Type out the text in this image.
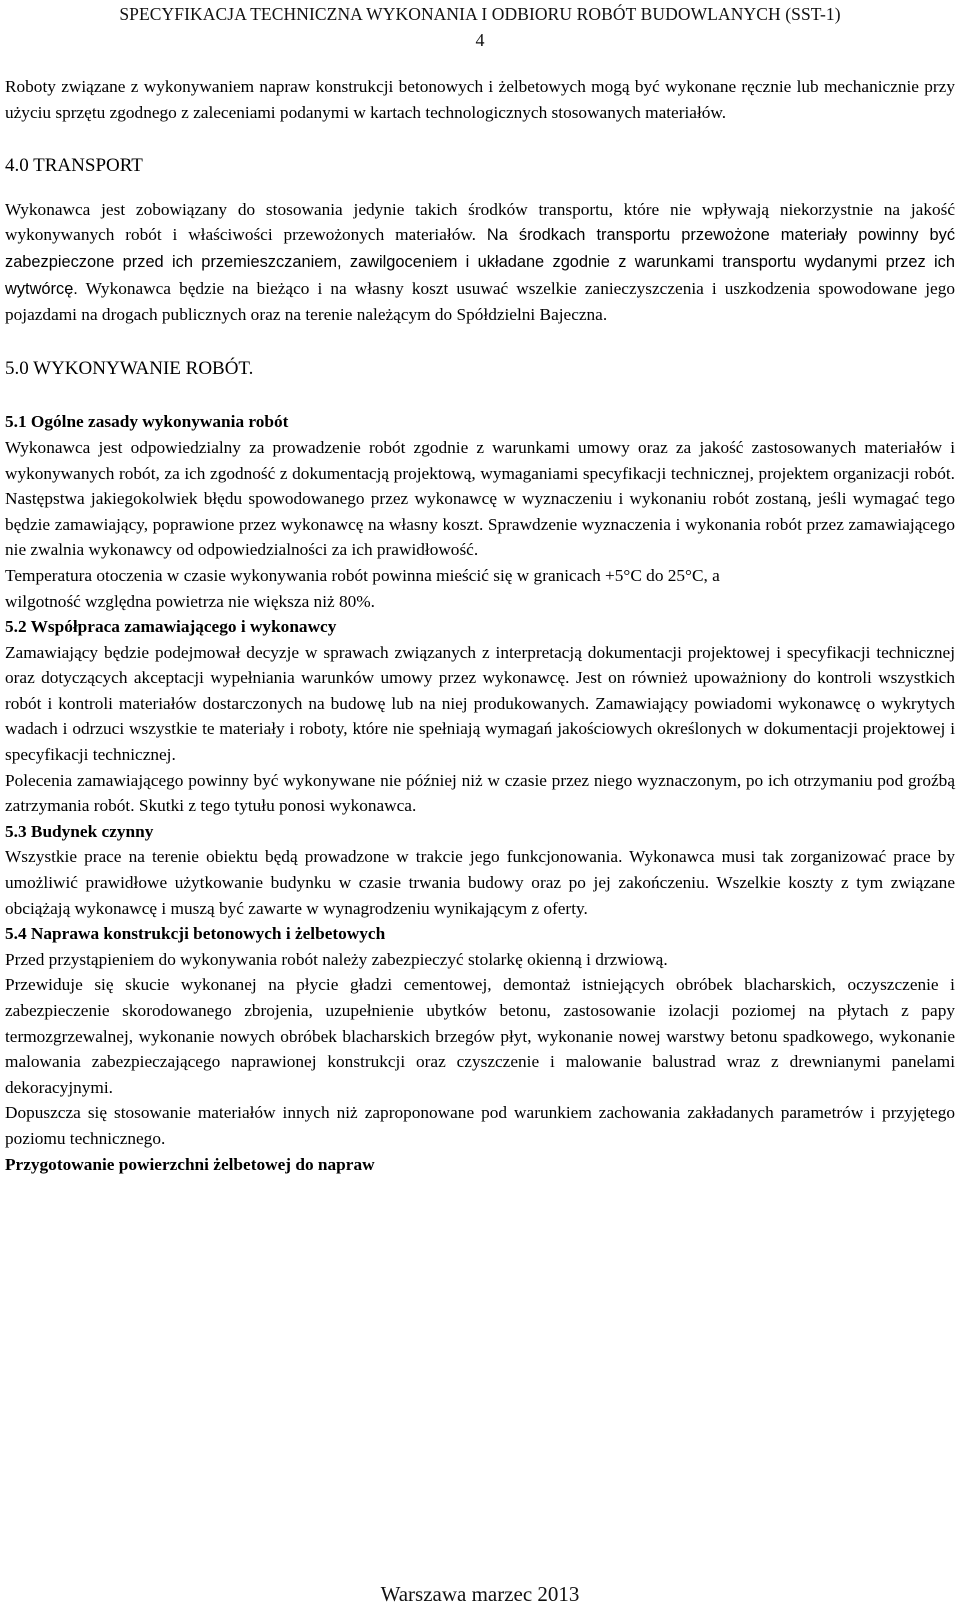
SPECYFIKACJA TECHNICZNA WYKONANIA I ODBIORU ROBÓT BUDOWLANYCH (SST-1)
4

Roboty związane z wykonywaniem napraw konstrukcji betonowych i żelbetowych mogą być wykonane ręcznie lub mechanicznie przy użyciu sprzętu zgodnego z zaleceniami podanymi w kartach technologicznych stosowanych materiałów.

4.0 TRANSPORT

Wykonawca jest zobowiązany do stosowania jedynie takich środków transportu, które nie wpływają niekorzystnie na jakość wykonywanych robót i właściwości przewożonych materiałów. Na środkach transportu przewożone materiały powinny być zabezpieczone przed ich przemieszczaniem, zawilgoceniem i układane zgodnie z warunkami transportu wydanymi przez ich wytwórcę. Wykonawca będzie na bieżąco i na własny koszt usuwać wszelkie zanieczyszczenia i uszkodzenia spowodowane jego pojazdami na drogach publicznych oraz na terenie należącym do Spółdzielni Bajeczna.

5.0 WYKONYWANIE ROBÓT.

5.1 Ogólne zasady wykonywania robót

Wykonawca jest odpowiedzialny za prowadzenie robót zgodnie z warunkami umowy oraz za jakość zastosowanych materiałów i wykonywanych robót, za ich zgodność z dokumentacją projektową, wymaganiami specyfikacji technicznej, projektem organizacji robót. Następstwa jakiegokolwiek błędu spowodowanego przez wykonawcę w wyznaczeniu i wykonaniu robót zostaną, jeśli wymagać tego będzie zamawiający, poprawione przez wykonawcę na własny koszt. Sprawdzenie wyznaczenia i wykonania robót przez zamawiającego nie zwalnia wykonawcy od odpowiedzialności za ich prawidłowość.

Temperatura otoczenia w czasie wykonywania robót powinna mieścić się w granicach +5°C do 25°C, a

wilgotność względna powietrza nie większa niż 80%.

5.2 Współpraca zamawiającego i wykonawcy

Zamawiający będzie podejmował decyzje w sprawach związanych z interpretacją dokumentacji projektowej i specyfikacji technicznej oraz dotyczących akceptacji wypełniania warunków umowy przez wykonawcę. Jest on również upoważniony do kontroli wszystkich robót i kontroli materiałów dostarczonych na budowę lub na niej produkowanych. Zamawiający powiadomi wykonawcę o wykrytych wadach i odrzuci wszystkie te materiały i roboty, które nie spełniają wymagań jakościowych określonych w dokumentacji projektowej i specyfikacji technicznej.

Polecenia zamawiającego powinny być wykonywane nie później niż w czasie przez niego wyznaczonym, po ich otrzymaniu pod groźbą zatrzymania robót. Skutki z tego tytułu ponosi wykonawca.

5.3 Budynek czynny

Wszystkie prace na terenie obiektu będą prowadzone w trakcie jego funkcjonowania. Wykonawca musi tak zorganizować prace by umożliwić prawidłowe użytkowanie budynku w czasie trwania budowy oraz po jej zakończeniu. Wszelkie koszty z tym związane obciążają wykonawcę i muszą być zawarte w wynagrodzeniu wynikającym z oferty.

5.4 Naprawa konstrukcji betonowych i żelbetowych

Przed przystąpieniem do wykonywania robót należy zabezpieczyć stolarkę okienną i drzwiową.

Przewiduje się skucie wykonanej na płycie gładzi cementowej, demontaż istniejących obróbek blacharskich, oczyszczenie i zabezpieczenie skorodowanego zbrojenia, uzupełnienie ubytków betonu, zastosowanie izolacji poziomej na płytach z papy termozgrzewalnej, wykonanie nowych obróbek blacharskich brzegów płyt, wykonanie nowej warstwy betonu spadkowego, wykonanie malowania zabezpieczającego naprawionej konstrukcji oraz czyszczenie i malowanie balustrad wraz z drewnianymi panelami dekoracyjnymi.

Dopuszcza się stosowanie materiałów innych niż zaproponowane pod warunkiem zachowania zakładanych parametrów i przyjętego poziomu technicznego.

Przygotowanie powierzchni żelbetowej do napraw

Warszawa marzec 2013
